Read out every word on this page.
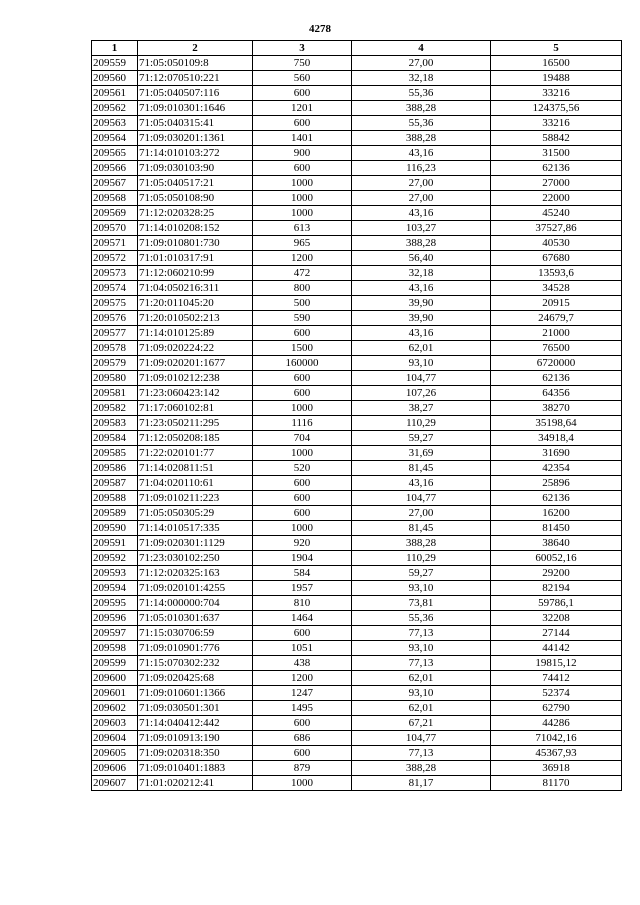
4278
1	2	3	4	5
209559	71:05:050109:8	750	27,00	16500
209560	71:12:070510:221	560	32,18	19488
209561	71:05:040507:116	600	55,36	33216
209562	71:09:010301:1646	1201	388,28	124375,56
209563	71:05:040315:41	600	55,36	33216
209564	71:09:030201:1361	1401	388,28	58842
209565	71:14:010103:272	900	43,16	31500
209566	71:09:030103:90	600	116,23	62136
209567	71:05:040517:21	1000	27,00	27000
209568	71:05:050108:90	1000	27,00	22000
209569	71:12:020328:25	1000	43,16	45240
209570	71:14:010208:152	613	103,27	37527,86
209571	71:09:010801:730	965	388,28	40530
209572	71:01:010317:91	1200	56,40	67680
209573	71:12:060210:99	472	32,18	13593,6
209574	71:04:050216:311	800	43,16	34528
209575	71:20:011045:20	500	39,90	20915
209576	71:20:010502:213	590	39,90	24679,7
209577	71:14:010125:89	600	43,16	21000
209578	71:09:020224:22	1500	62,01	76500
209579	71:09:020201:1677	160000	93,10	6720000
209580	71:09:010212:238	600	104,77	62136
209581	71:23:060423:142	600	107,26	64356
209582	71:17:060102:81	1000	38,27	38270
209583	71:23:050211:295	1116	110,29	35198,64
209584	71:12:050208:185	704	59,27	34918,4
209585	71:22:020101:77	1000	31,69	31690
209586	71:14:020811:51	520	81,45	42354
209587	71:04:020110:61	600	43,16	25896
209588	71:09:010211:223	600	104,77	62136
209589	71:05:050305:29	600	27,00	16200
209590	71:14:010517:335	1000	81,45	81450
209591	71:09:020301:1129	920	388,28	38640
209592	71:23:030102:250	1904	110,29	60052,16
209593	71:12:020325:163	584	59,27	29200
209594	71:09:020101:4255	1957	93,10	82194
209595	71:14:000000:704	810	73,81	59786,1
209596	71:05:010301:637	1464	55,36	32208
209597	71:15:030706:59	600	77,13	27144
209598	71:09:010901:776	1051	93,10	44142
209599	71:15:070302:232	438	77,13	19815,12
209600	71:09:020425:68	1200	62,01	74412
209601	71:09:010601:1366	1247	93,10	52374
209602	71:09:030501:301	1495	62,01	62790
209603	71:14:040412:442	600	67,21	44286
209604	71:09:010913:190	686	104,77	71042,16
209605	71:09:020318:350	600	77,13	45367,93
209606	71:09:010401:1883	879	388,28	36918
209607	71:01:020212:41	1000	81,17	81170
